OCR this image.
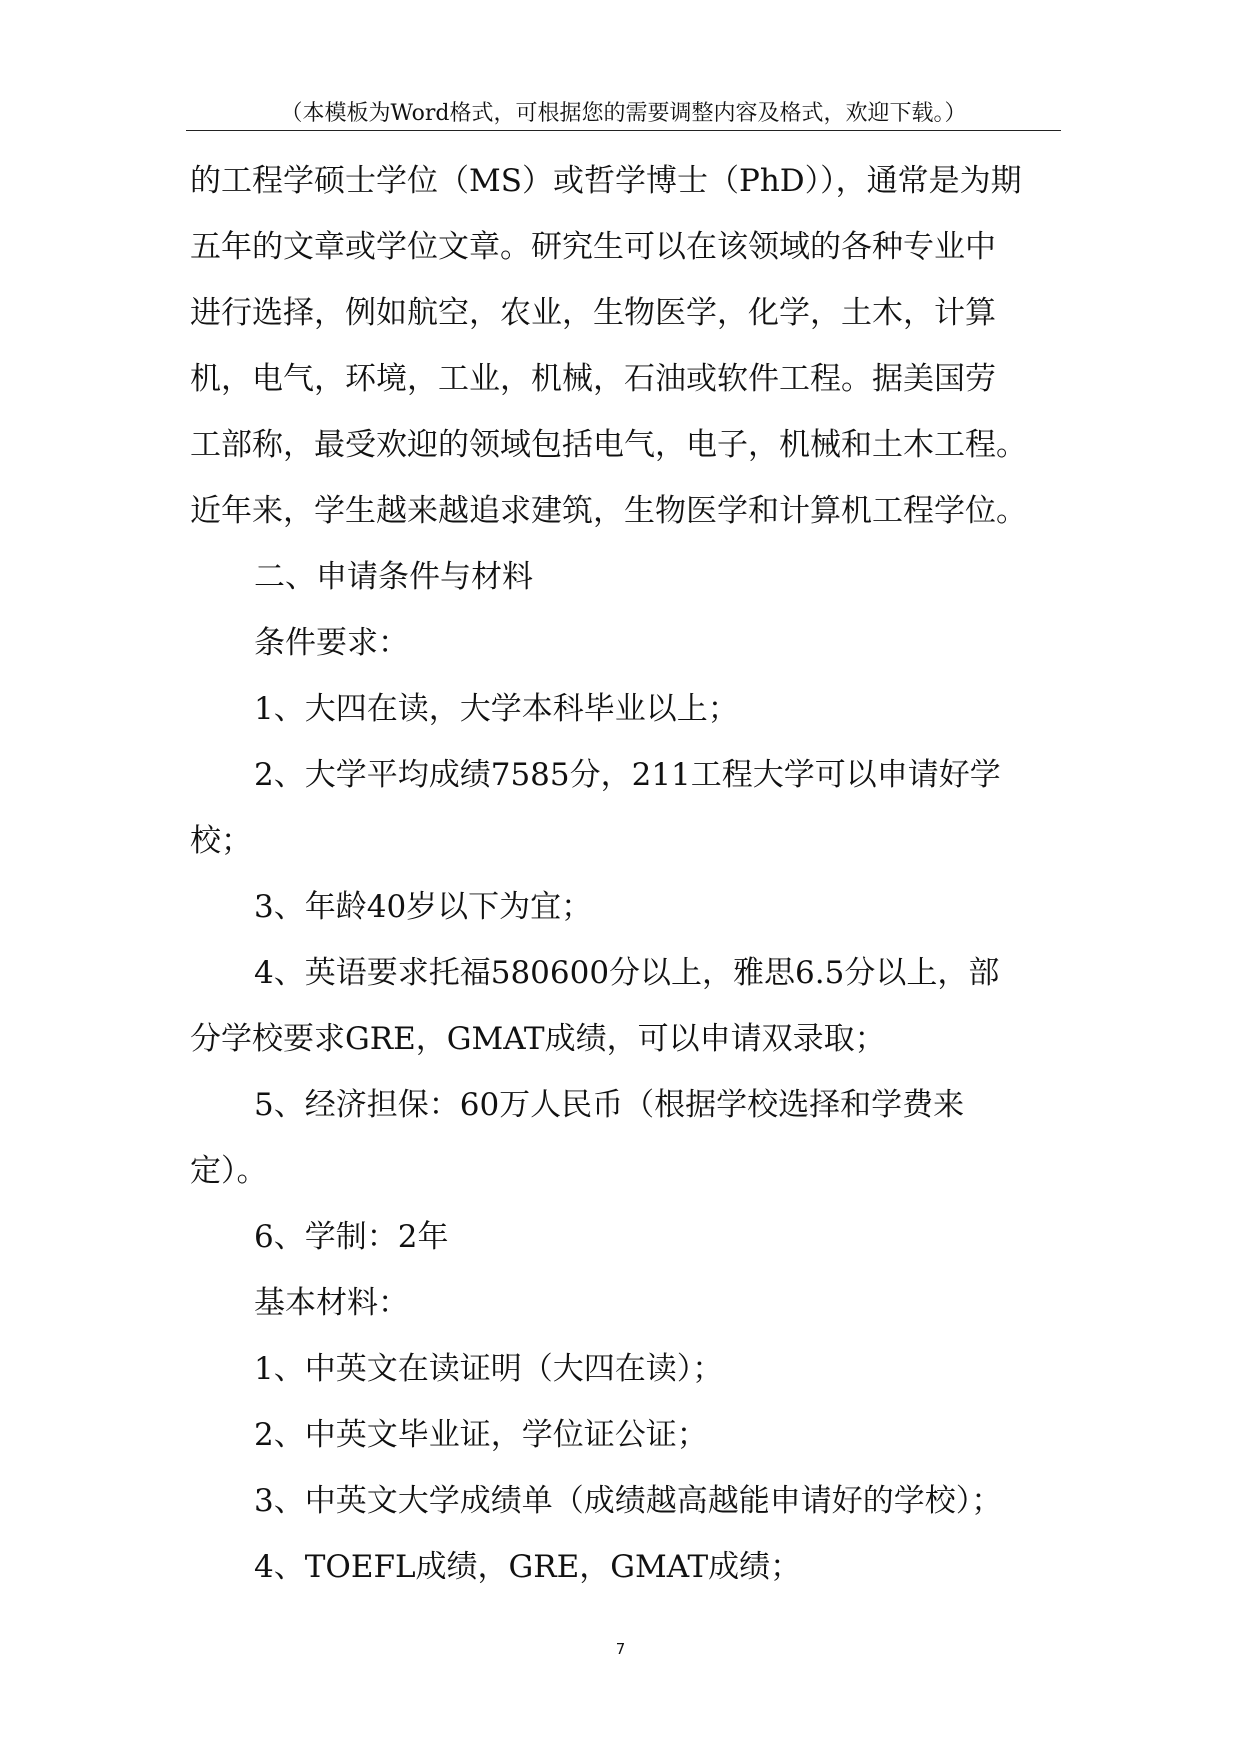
（本模板为Word格式，可根据您的需要调整内容及格式，欢迎下载。）
的工程学硕士学位（MS）或哲学博士（PhD）），通常是为期
五年的文章或学位文章。研究生可以在该领域的各种专业中
进行选择，例如航空，农业，生物医学，化学，土木，计算
机，电气，环境，工业，机械，石油或软件工程。据美国劳
工部称，最受欢迎的领域包括电气，电子，机械和土木工程。
近年来，学生越来越追求建筑，生物医学和计算机工程学位。
二、申请条件与材料
条件要求：
1、大四在读，大学本科毕业以上；
2、大学平均成绩7585分，211工程大学可以申请好学
校；
3、年龄40岁以下为宜；
4、英语要求托福580600分以上，雅思6.5分以上，部
分学校要求GRE，GMAT成绩，可以申请双录取；
5、经济担保：60万人民币（根据学校选择和学费来
定）。
6、学制：2年
基本材料：
1、中英文在读证明（大四在读）；
2、中英文毕业证，学位证公证；
3、中英文大学成绩单（成绩越高越能申请好的学校）；
4、TOEFL成绩，GRE，GMAT成绩；
7
